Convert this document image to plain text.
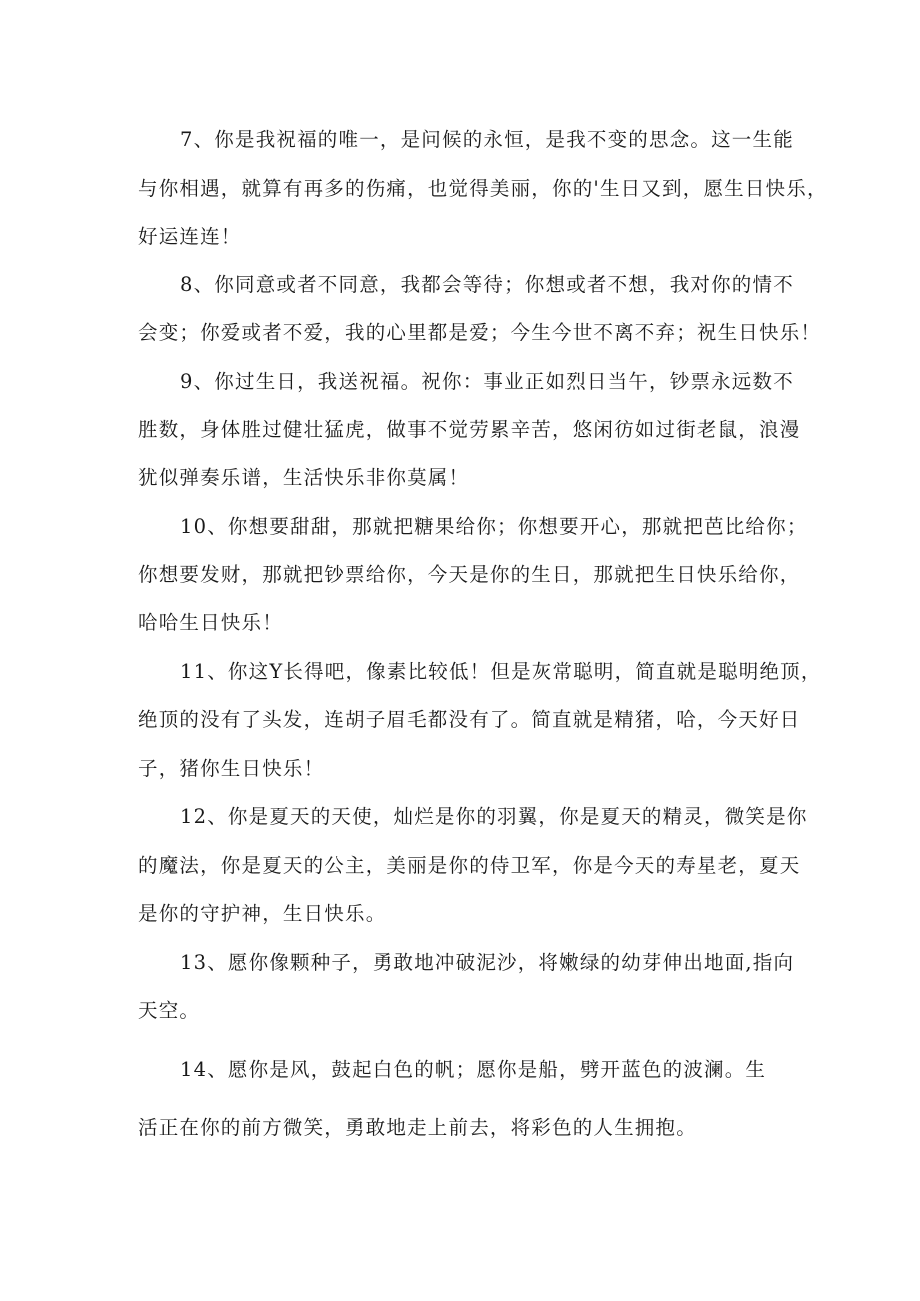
7、你是我祝福的唯一，是问候的永恒，是我不变的思念。这一生能
与你相遇，就算有再多的伤痛，也觉得美丽，你的'生日又到，愿生日快乐，
好运连连！
8、你同意或者不同意，我都会等待；你想或者不想，我对你的情不
会变；你爱或者不爱，我的心里都是爱；今生今世不离不弃；祝生日快乐！
9、你过生日，我送祝福。祝你：事业正如烈日当午，钞票永远数不
胜数，身体胜过健壮猛虎，做事不觉劳累辛苦，悠闲彷如过街老鼠，浪漫
犹似弹奏乐谱，生活快乐非你莫属！
10、你想要甜甜，那就把糖果给你；你想要开心，那就把芭比给你；
你想要发财，那就把钞票给你，今天是你的生日，那就把生日快乐给你，
哈哈生日快乐！
11、你这Y长得吧，像素比较低！但是灰常聪明，简直就是聪明绝顶，
绝顶的没有了头发，连胡子眉毛都没有了。简直就是精猪，哈，今天好日
子，猪你生日快乐！
12、你是夏天的天使，灿烂是你的羽翼，你是夏天的精灵，微笑是你
的魔法，你是夏天的公主，美丽是你的侍卫军，你是今天的寿星老，夏天
是你的守护神，生日快乐。
13、愿你像颗种子，勇敢地冲破泥沙，将嫩绿的幼芽伸出地面,指向
天空。
14、愿你是风，鼓起白色的帆；愿你是船，劈开蓝色的波澜。生
活正在你的前方微笑，勇敢地走上前去，将彩色的人生拥抱。
